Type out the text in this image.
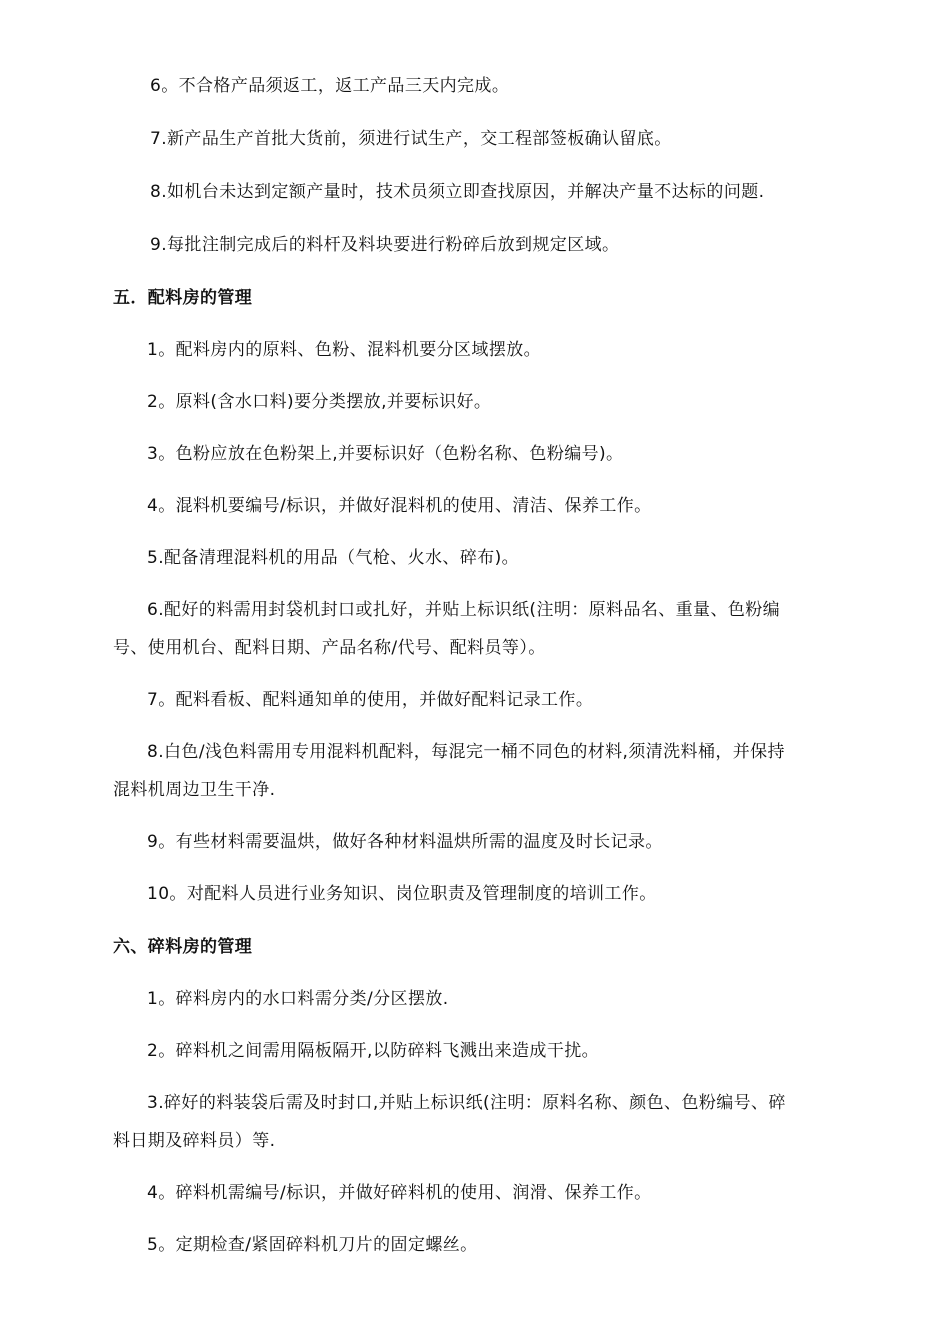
6。不合格产品须返工，返工产品三天内完成。
7.新产品生产首批大货前，须进行试生产，交工程部签板确认留底。
8.如机台未达到定额产量时，技术员须立即查找原因，并解决产量不达标的问题.
9.每批注制完成后的料杆及料块要进行粉碎后放到规定区域。
五．配料房的管理
1。配料房内的原料、色粉、混料机要分区域摆放。
2。原料(含水口料)要分类摆放,并要标识好。
3。色粉应放在色粉架上,并要标识好（色粉名称、色粉编号)。
4。混料机要编号/标识，并做好混料机的使用、清洁、保养工作。
5.配备清理混料机的用品（气枪、火水、碎布)。
6.配好的料需用封袋机封口或扎好，并贴上标识纸(注明：原料品名、重量、色粉编
号、使用机台、配料日期、产品名称/代号、配料员等）。
7。配料看板、配料通知单的使用，并做好配料记录工作。
8.白色/浅色料需用专用混料机配料，每混完一桶不同色的材料,须清洗料桶，并保持
混料机周边卫生干净.
9。有些材料需要温烘，做好各种材料温烘所需的温度及时长记录。
10。对配料人员进行业务知识、岗位职责及管理制度的培训工作。
六、碎料房的管理
1。碎料房内的水口料需分类/分区摆放.
2。碎料机之间需用隔板隔开,以防碎料飞溅出来造成干扰。
3.碎好的料装袋后需及时封口,并贴上标识纸(注明：原料名称、颜色、色粉编号、碎
料日期及碎料员）等.
4。碎料机需编号/标识，并做好碎料机的使用、润滑、保养工作。
5。定期检查/紧固碎料机刀片的固定螺丝。
